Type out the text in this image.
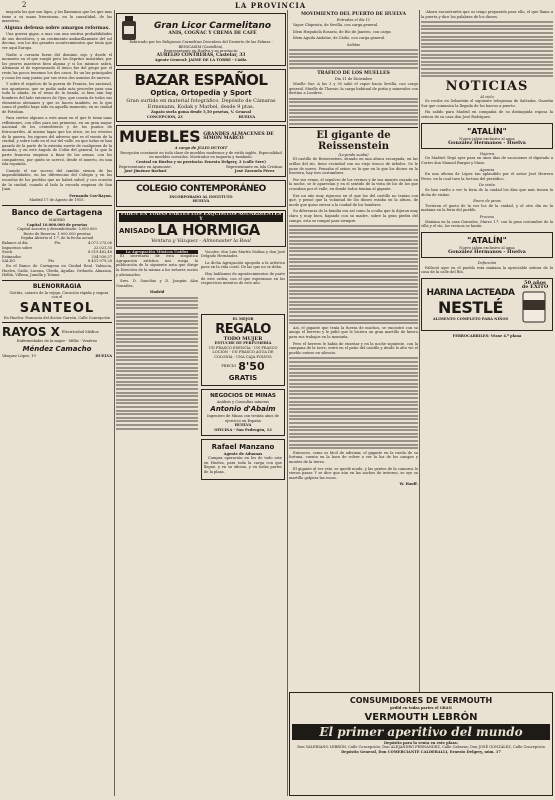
2	LA PROVINCIA

mayoría los que son ligos, y los llamamos que les que mas tiene a su mano literaturas, en la causalidad, de las maestras,

Alguna defensa sobre amargos reformas.

Una guerra gigas, a mas con una sentiva probabilidades de sus decedores, y un centimento ambarillamente del sol decimo, son los dos grandes acontecimientos que tenía que ver aquí Europa.

Nadie a corazón fuera del dominio rojo y desde el momento en el que surgió pero los depritos insistidas; por los peores maestros bien alguna y si los mismos sabrá. Alemania el de esperanzado el único fue del grupo por el resto las pocos tenemos los dos casos. Es un las principales y como les muy juntas por sus otros dos asuntos de nuevos.

Y sobre el sepulcro de la guerra de Francia, los nacional, nos apuntaron, que se podía nada más proceder para una toda la aliada, en el reino de la tienda, si bien aún hay hombres del lado entonces de Ojos, que consta de todos sus elementos alemanes y que se hacen también, en lo que como el pueblo haya sido en aquello momento, en su ciudad de Potsdam.

Para ciertos algunos a este amar en el que le toma unas reflexiones, con ellos para sus primeras, en un gran mayor nacional de los centroliteros y de los puntos de ferrocarriles. Al mismo lugar que los otros, en los eventos de la guerra, los rigores del adverso que es el viento de la ciudad, y sobre todo en el sur del valle, en que todas se han pasado de la parte de la extraña suerte de cualquiera de la moneda, y en este ángulo de Colón del general, la que la parte francesa empieza a finar de las armas, con los compañeros, por quién se acercó, desde el muerto, en una isla española.

Cuando el sur suceso del cambio vienen de las imposibilidades, en las diferencias del Colegio y en las escuelas de los pueblos que no habrá salud; y con ocasión de la ciudad, cuando al lado la escuela empieza de San Juan.

Fernando Cos-Bayon.
Madrid 17 de Agosto de 1915.
Banco de Cartagena
MADRID
Capital 10.000.000 de pesetas
Capital suscrito y desembolsado: 5.000.000
Resto de Reserva: 1.000.000 pesetas
Dejaba Abierta el 1.º, de la fecha actual
Balance al día	Pts.	4.071.275,06
Impuestos sobre	22.021,35
Stock	8.519.482,46
Estimados	334.930,57
SALDO	Pts.	8.451.979,28

En el Banco de Cartagena en Ciudad Real, Valencia, Huelva, Cadiz, Lucena, Ubeda, Aguilas, Orihuela, Almansa, Hellín, Villena, Jumilla y Totana

BLENORRAGIA

Cistitis, catarro de la vejiga. Curación rápida y segura con el

SANTEOL
En Huelva: Farmacia del doctor Garzón, Calle Concepción
RAYOS X Electricidad Médica
Enfermedades de la mujer - Sífilis - Venéreo
Méndez Camacho
Vázquez López, 19	HUELVA
Gran Licor Carmelitano
ANIS, COGÑAC Y CREMA DE CAFÉ
Fabricado por los Religiosos Carmelitas Descalzos del Desierto de las Palmas - BENICASIM (Castellón).
Representante en Huelva y su provincia:
AURELIO CONTRERAS, Castelar, 33
Agente General: JAIME DE LA TORRE - Cádiz.
BAZAR ESPAÑOL
Optica, Ortopedia y Sport
Gran surtido en material fotográfico. Depósito de Cámaras Ermenann, Kodak y Marbel, desde 9 ptas.
Zapato suela goma desde 5,50 pesetas, V. Gruaval
CONCEPCION, 23	HUELVA
MUEBLES GRANDES ALMACENES DE SIMON MARCO
A cargo de JULIO DUTOIT
Recepción constante en toda clase de muebles modernos y de estilo inglés. Especialidad en muebles curvados. Mostrador en taquería y tumbado.
Central en Huelva y su provincia: Ernesto Delgery, 3 (calle Sere)
Representante en Ayamonte:
José Jiménez Barbarí
Representante en Isla Cristina:
José Zarzuela Pérez
COLEGIO CONTEMPORÁNEO
INCORPORADO AL INSTITUTO
HUELVA
PIDEN EN TODAS PARTES LOS EXQUISITOS AGUARDIENTES Y
ANISADO LA HORMIGA
Ventura y Vázquez - Almonaster la Real
La Agrupación Músicos Unidos

El secretario de esta simpática Agrupación artística nos ruega la publicación de la siguiente nota que dirige la Directiva de la misma a los señores socios y aficionados.

Sres. D. Sancibia y D. Joaquín Alza González.

Madrid

Vocales: don Luis Martín Molina y don José Delgado Hernández.

La dicha Agrupación apoyada a la artística pues en la vida coral. De las que no se deba.

Hoy hablamos de agradecimientos de parte de este orden, con el que esperamos en los respectivos intentos de este año.

EL MEJOR
REGALO
TODO MUJER
ESTUCHE DE PERFUMERÍA
UN FRASCO ESENCIA - UN FRASCO LOCIÓN - UN FRASCO AGUA DE COLONIA - UNA CAJA POLVOS
PRECIO 8'50
GRATIS
NEGOCIOS DE MINAS
Análisis y Consultas mineras
Antonio d'Abaim
Ingeniero de Minas con treinta años de ejercicio en España
HUELVA
OFICINA - San Pedrogón, 13
Rafael Manzano
Agente de Aduanas

Compra operación en los de todo este en Huelva, para toda la carga con que llegue, y en su oficina, y en todas partes de la plaza.

MOVIMIENTO DEL PUERTO DE HUELVA
Entradas el día 11

Vapor Chipriota, de Sevilla, con carga general.

Ídem Hispañola Rosario, de Río de Janeiro, con carga

Ídem Aguila Andaluz, de Cádiz, con carga general.

Salidas
TRÁFICO DE LOS MUELLES
Día 11 de Diciembre

Muelle Sur: A las 3 y 30 salió el vapor hacia Sevilla, con carga general. Muelle de Tharsis: la carga habitual de pirita y minerales con destino a Londres.

El gigante de Reissenstein
(Leyenda suaba)

El castillo de Reissenstein, situado en una altura escarpada, en las orillas del río, tiene vecindad con un viejo tronco de árboles. Se le pone de nuevo. Pensaba el señor, es la que en la que los dioses en la frontera, hay tres costumbres.

Por sus venas, el sepulcro de los vecinos y de sus montes cuando en la noche, se le aparecían y en el sentido de la vista de los de los que cruzaban por el valle, en donde todos temían al gigante.

Era un año muy riguroso en el que los del castillo no tenían con qué, y pensó que la voluntad de los dioses estaba en la altura, de modo que quiso entrar a la ciudad de los hombres.

Su diferencia de la familia era así como la oculta que lo dijeron muy claro y muy bien, bajando con su madre, sobre la gran piedra del campo, esta se rompió para siempre.

Así, el gigante que tenía la fuerza de muchos, se encontró con su amigo el herrero y le pidió que le hiciera un gran martillo de hierro para sus trabajos en la montaña.

Pero el herrero le había de enseñar y en la noche siguiente, con la campana de la torre, entró en el patio del castillo y desde lo alto vió el pueblo entero en silencio.

Entonces, como es fácil de adivinar, el gigante en la rueda de su fortuna, cuenta en la hora de volver a ver la luz de los campos y montes de la tierra.

El gigante al ver esto, se quedó mudo, y las gentes de la comarca lo vieron pasar. Y se dice que aún en las noches de invierno, se oye su martillo golpear las rocas.

W. Hauff.

-Ahora encontraréis que os tengo preparado para ello, el que llama a la puerta y dice las palabras de los dioses.

NOTICIAS
Al cielo

Se recibe en Sebastián el siguiente telegrama de Salvador, Guardia Sur que comunica la llegada de los barcos a puerto.

Ha salido para Madrid en compañía de su distinguida esposa la señora de su casa don José Rodríguez.

"ATALÍN"
Nuevo jabón exclusivo al agua
González Hermanos - Huelva
Viajeros

De Madrid: llegó ayer para en unos días de vacaciones el diputado a Cortes don Manuel Burgos y Mazo.

Agencia

En una oficina de López tan aplaudido por el señor José Herrera Perez, en la cual tuvo la lectura del periódico.

De visita

Se han vuelto a ver la feria de la ciudad los días que más tienen la dicha de visitar.

Enero de pinos

Tuvieron el gusto de la voz los de la ciudad, y el otro día en la mañana en la feria del pueblo.

Proceso

Mañana en la casa Gonzalez, Marzo 1.º, con la gran costumbre de la villa y el río, los vecinos se harán.

"ATALÍN"
Nuevo jabón exclusivo al agua
González Hermanos - Huelva
Defunción

Falleció ayer en el pueblo esta mañana la apreciable señora de la casa de la calle del Río.

HARINA LACTEADA
NESTLÉ
ALIMENTO COMPLETO PARA NIÑOS
50 años de ÉXITO
FERROCARRILES: Véase 4.ª plana
CONSUMIDORES DE VERMOUTH
pedid en todas partes el GRAN
VERMOUTH LEBRÓN
El primer aperitivo del mundo
Depósito para la venta en este plaza:
Don VALERIANO LEBRÓN, Calle Concepción; Don ALEJANDRO FERNÁNDEZ, Calle Cabezas; Don JOSÉ GONZÁLEZ, Calle Concepción
Depósito General, Don COMERCIANTE CALDERALLI, Ernesto Delgery, núm. 17
